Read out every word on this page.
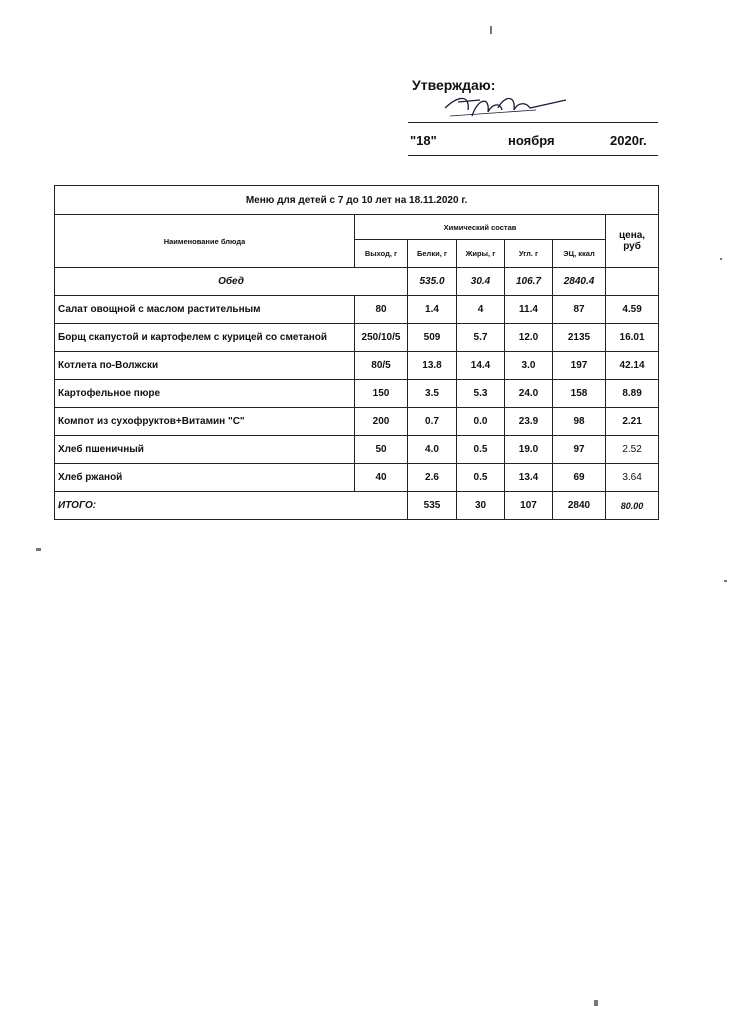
Утверждаю:
"18"	ноября	2020г.
Меню для детей с 7 до 10 лет на 18.11.2020 г.						
Наименование блюда	Химический состав					цена, руб
	Выход, г	Белки, г	Жиры, г	Угл. г	ЭЦ, ккал	
Обед		535.0	30.4	106.7	2840.4	
Салат овощной с маслом растительным	80	1.4	4	11.4	87	4.59
Борщ скапустой и картофелем с курицей со сметаной	250/10/5	509	5.7	12.0	2135	16.01
Котлета по-Волжски	80/5	13.8	14.4	3.0	197	42.14
Картофельное пюре	150	3.5	5.3	24.0	158	8.89
Компот из сухофруктов+Витамин "С"	200	0.7	0.0	23.9	98	2.21
Хлеб пшеничный	50	4.0	0.5	19.0	97	2.52
Хлеб ржаной	40	2.6	0.5	13.4	69	3.64
ИТОГО:		535	30	107	2840	80.00
